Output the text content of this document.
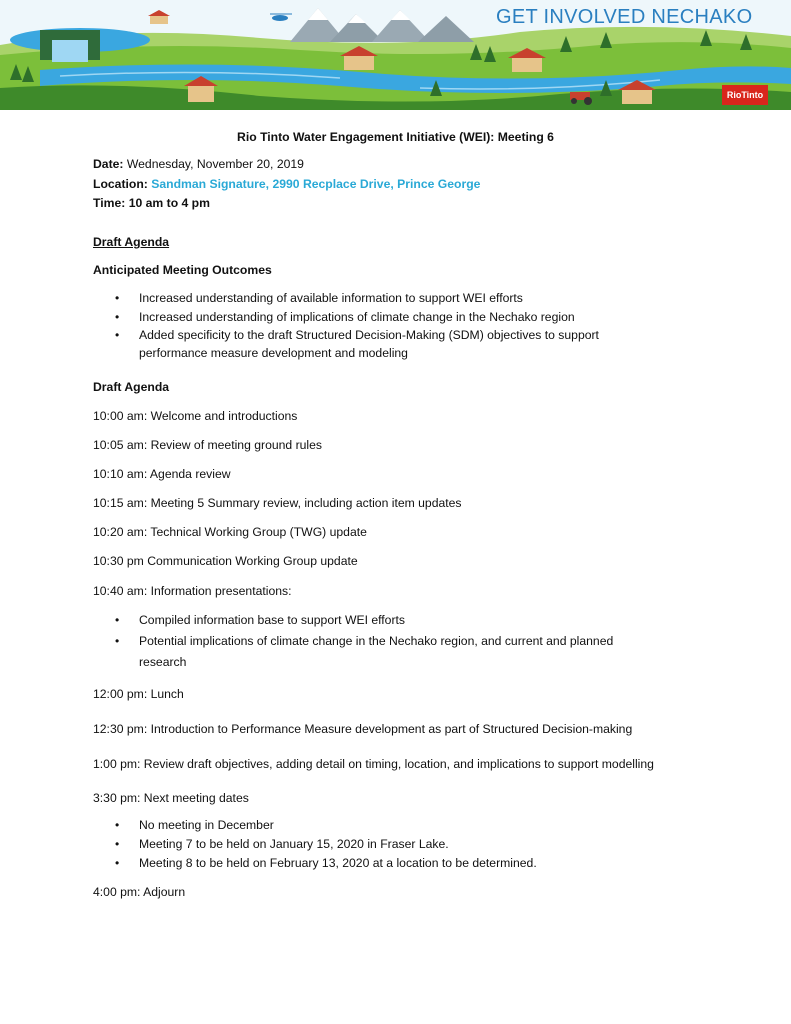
GET INVOLVED NECHAKO
RioTinto
Rio Tinto Water Engagement Initiative (WEI): Meeting 6
Date: Wednesday, November 20, 2019
Location: Sandman Signature, 2990 Recplace Drive, Prince George
Time: 10 am to 4 pm
Draft Agenda
Anticipated Meeting Outcomes
• Increased understanding of available information to support WEI efforts
• Increased understanding of implications of climate change in the Nechako region
• Added specificity to the draft Structured Decision-Making (SDM) objectives to support
performance measure development and modeling
Draft Agenda
10:00 am: Welcome and introductions
10:05 am: Review of meeting ground rules
10:10 am: Agenda review
10:15 am: Meeting 5 Summary review, including action item updates
10:20 am: Technical Working Group (TWG) update
10:30 pm Communication Working Group update
10:40 am: Information presentations:
• Compiled information base to support WEI efforts
• Potential implications of climate change in the Nechako region, and current and planned
research
12:00 pm: Lunch
12:30 pm: Introduction to Performance Measure development as part of Structured Decision-making
1:00 pm: Review draft objectives, adding detail on timing, location, and implications to support modelling
3:30 pm: Next meeting dates
• No meeting in December
• Meeting 7 to be held on January 15, 2020 in Fraser Lake.
• Meeting 8 to be held on February 13, 2020 at a location to be determined.
4:00 pm: Adjourn
